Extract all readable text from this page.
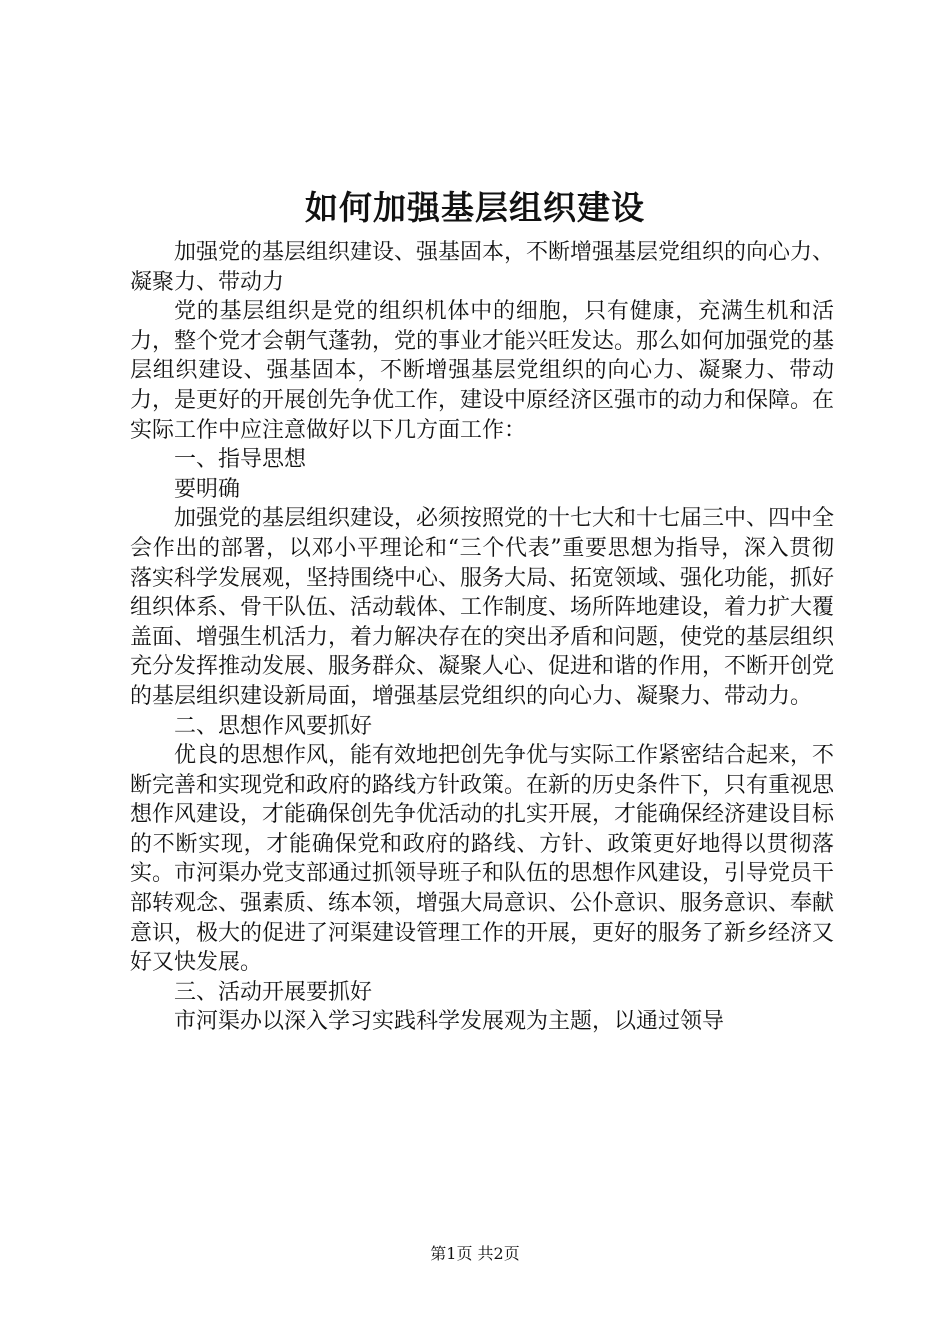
如何加强基层组织建设

加强党的基层组织建设、强基固本，不断增强基层党组织的向心力、凝聚力、带动力

党的基层组织是党的组织机体中的细胞，只有健康，充满生机和活力，整个党才会朝气蓬勃，党的事业才能兴旺发达。那么如何加强党的基层组织建设、强基固本，不断增强基层党组织的向心力、凝聚力、带动力，是更好的开展创先争优工作，建设中原经济区强市的动力和保障。在实际工作中应注意做好以下几方面工作：

一、指导思想

要明确

加强党的基层组织建设，必须按照党的十七大和十七届三中、四中全会作出的部署，以邓小平理论和“三个代表”重要思想为指导，深入贯彻落实科学发展观，坚持围绕中心、服务大局、拓宽领域、强化功能，抓好组织体系、骨干队伍、活动载体、工作制度、场所阵地建设，着力扩大覆盖面、增强生机活力，着力解决存在的突出矛盾和问题，使党的基层组织充分发挥推动发展、服务群众、凝聚人心、促进和谐的作用，不断开创党的基层组织建设新局面，增强基层党组织的向心力、凝聚力、带动力。

二、思想作风要抓好

优良的思想作风，能有效地把创先争优与实际工作紧密结合起来，不断完善和实现党和政府的路线方针政策。在新的历史条件下，只有重视思想作风建设，才能确保创先争优活动的扎实开展，才能确保经济建设目标的不断实现，才能确保党和政府的路线、方针、政策更好地得以贯彻落实。市河渠办党支部通过抓领导班子和队伍的思想作风建设，引导党员干部转观念、强素质、练本领，增强大局意识、公仆意识、服务意识、奉献意识，极大的促进了河渠建设管理工作的开展，更好的服务了新乡经济又好又快发展。

三、活动开展要抓好

市河渠办以深入学习实践科学发展观为主题，以通过领导

第1页 共2页
